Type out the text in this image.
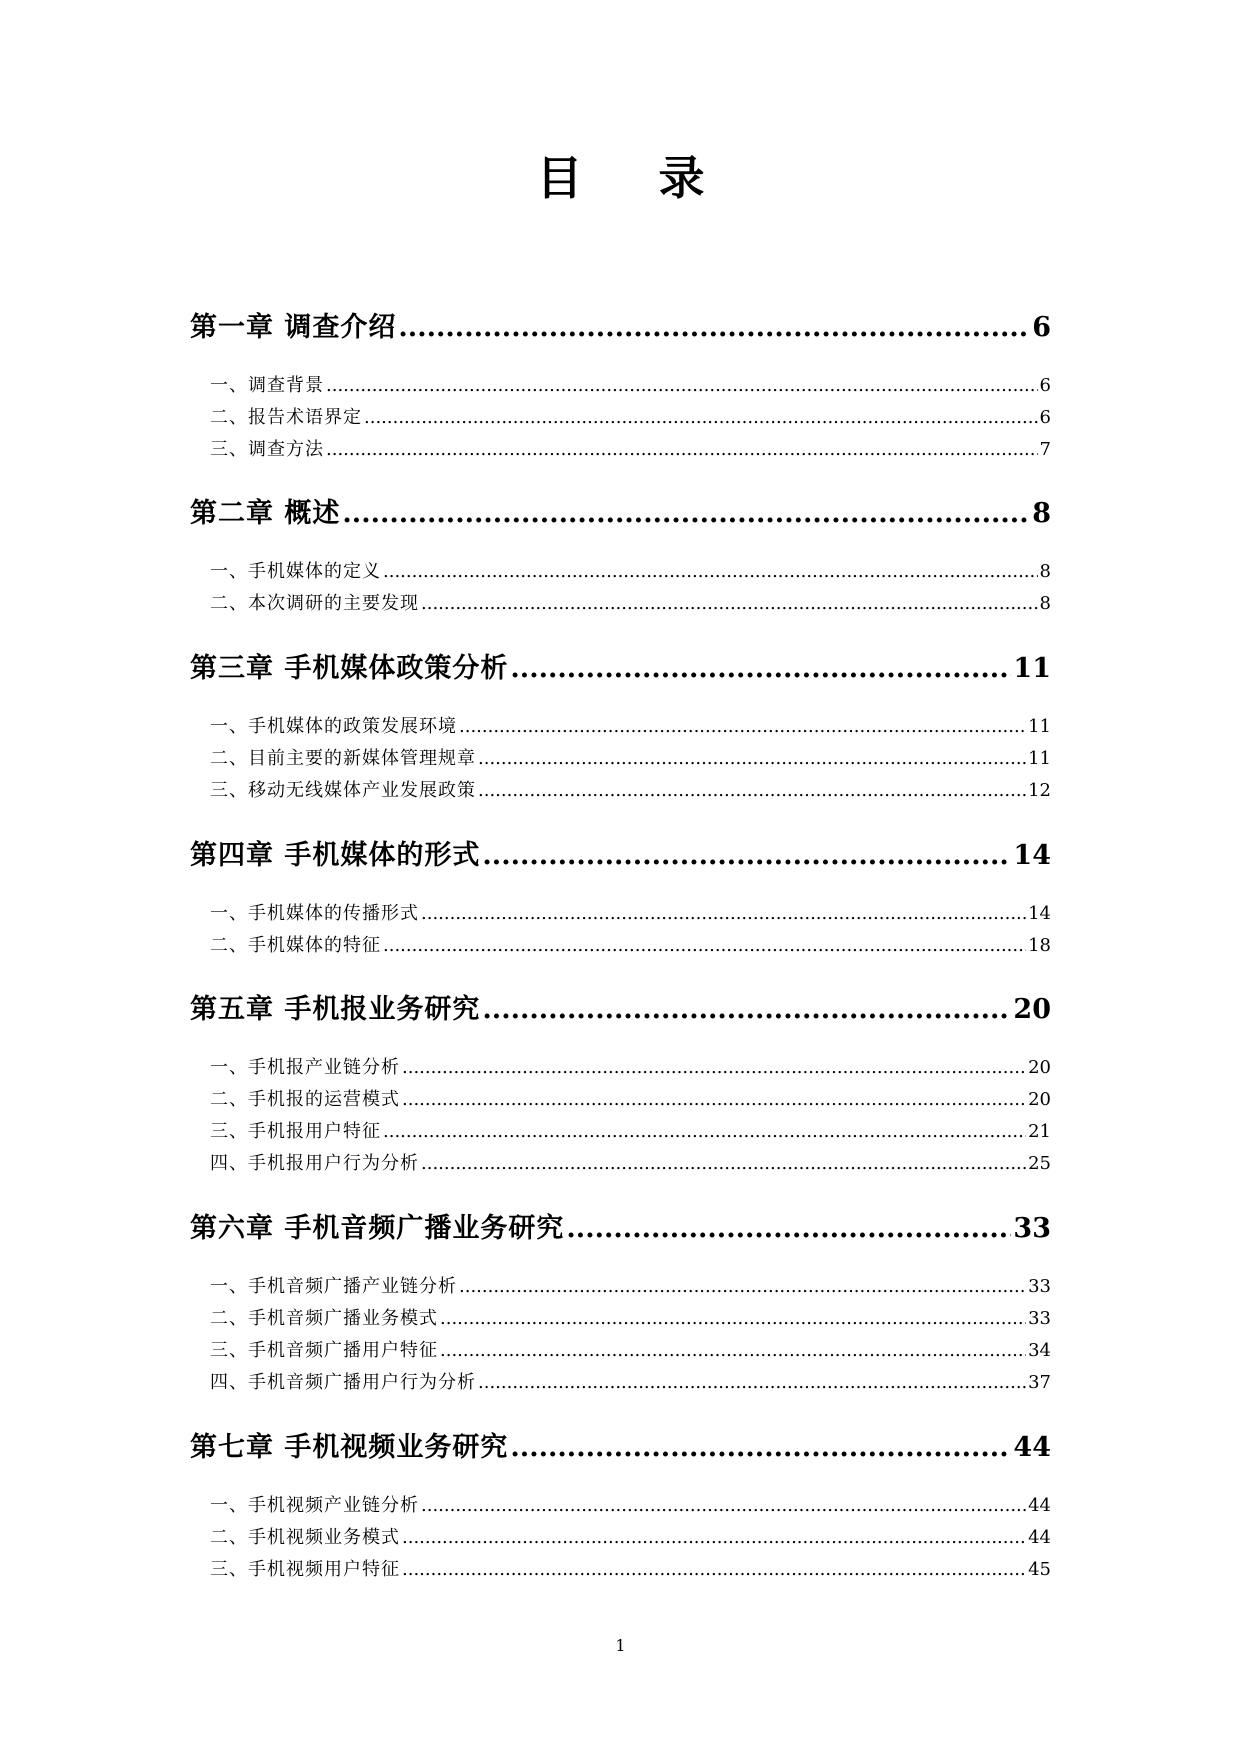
目 录
第一章 调查介绍 .....	6
一、调查背景 .....	6
二、报告术语界定 .....	6
三、调查方法 .....	7
第二章 概述 .....	8
一、手机媒体的定义 .....	8
二、本次调研的主要发现 .....	8
第三章 手机媒体政策分析 .....	11
一、手机媒体的政策发展环境 .....	11
二、目前主要的新媒体管理规章 .....	11
三、移动无线媒体产业发展政策 .....	12
第四章 手机媒体的形式 .....	14
一、手机媒体的传播形式 .....	14
二、手机媒体的特征 .....	18
第五章 手机报业务研究 .....	20
一、手机报产业链分析 .....	20
二、手机报的运营模式 .....	20
三、手机报用户特征 .....	21
四、手机报用户行为分析 .....	25
第六章 手机音频广播业务研究 .....	33
一、手机音频广播产业链分析 .....	33
二、手机音频广播业务模式 .....	33
三、手机音频广播用户特征 .....	34
四、手机音频广播用户行为分析 .....	37
第七章 手机视频业务研究 .....	44
一、手机视频产业链分析 .....	44
二、手机视频业务模式 .....	44
三、手机视频用户特征 .....	45
1
